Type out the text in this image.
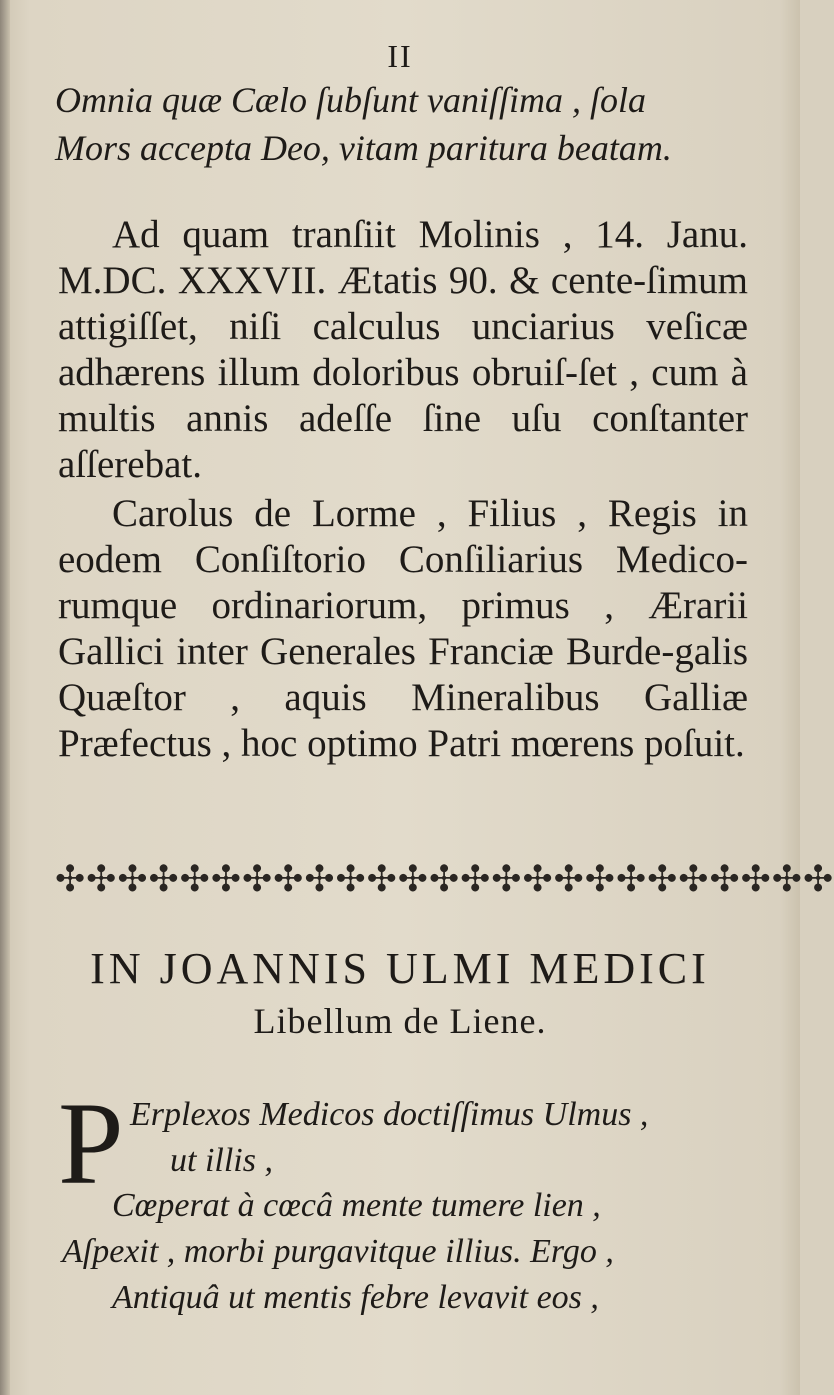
II
Omnia quæ Cælo ſubſunt vaniſſima , ſola
Mors accepta Deo, vitam paritura beatam.

Ad quam tranſiit Molinis , 14. Janu. M.DC. XXXVII. Ætatis 90. & cente-ſimum attigiſſet, niſi calculus unciarius veſicæ adhærens illum doloribus obruiſ-ſet , cum à multis annis adeſſe ſine uſu conſtanter aſſerebat.

Carolus de Lorme , Filius , Regis in eodem Conſiſtorio Conſiliarius Medico-rumque ordinariorum, primus , Ærarii Gallici inter Generales Franciæ Burde-galis Quæſtor , aquis Mineralibus Galliæ Præfectus , hoc optimo Patri mœrens poſuit.

✣✣✣✣✣✣✣✣✣✣✣✣✣✣✣✣✣✣✣✣✣✣✣✣✣
IN JOANNIS ULMI MEDICI
Libellum de Liene.
P Erplexos Medicos doctiſſimus Ulmus ,
ut illis ,
Cœperat à cœcâ mente tumere lien ,
Aſpexit , morbi purgavitque illius. Ergo ,
Antiquâ ut mentis febre levavit eos ,
